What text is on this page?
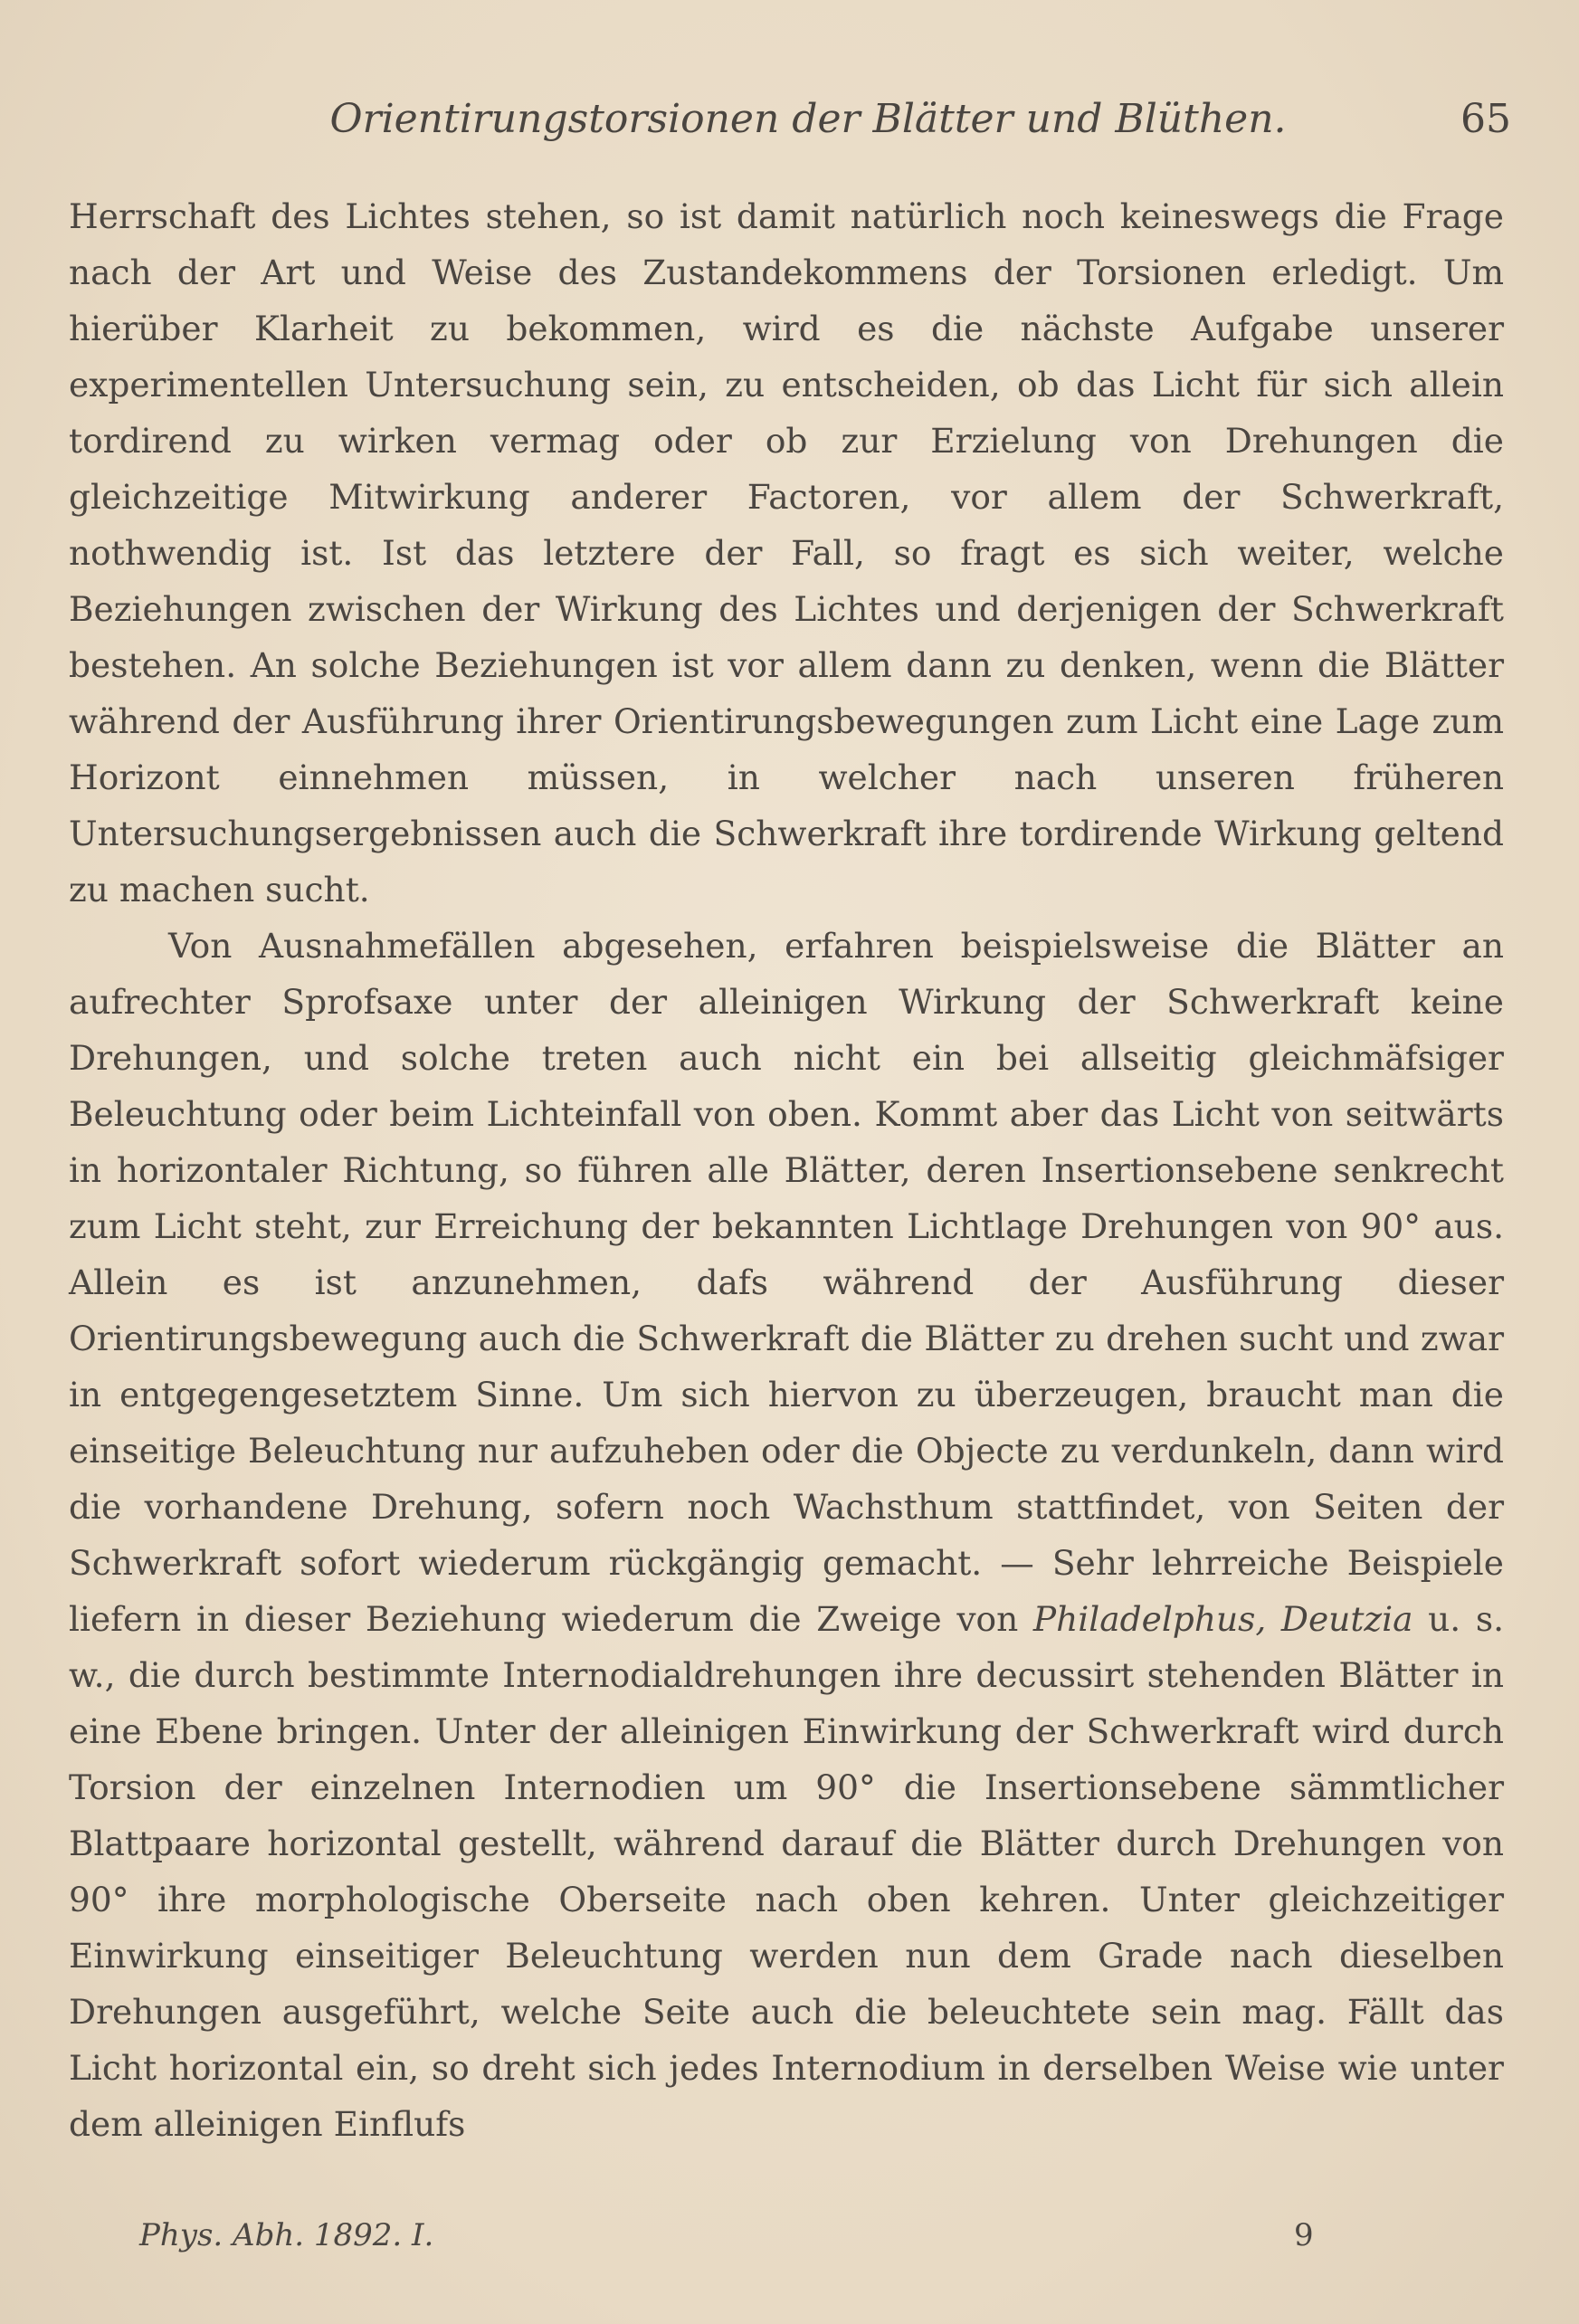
Orientirungstorsionen der Blätter und Blüthen.	65

Herrschaft des Lichtes stehen, so ist damit natürlich noch keineswegs die Frage nach der Art und Weise des Zustandekommens der Torsionen erledigt. Um hierüber Klarheit zu bekommen, wird es die nächste Aufgabe unserer experimentellen Untersuchung sein, zu entscheiden, ob das Licht für sich allein tordirend zu wirken vermag oder ob zur Erzielung von Drehungen die gleichzeitige Mitwirkung anderer Factoren, vor allem der Schwerkraft, nothwendig ist. Ist das letztere der Fall, so fragt es sich weiter, welche Beziehungen zwischen der Wirkung des Lichtes und derjenigen der Schwerkraft bestehen. An solche Beziehungen ist vor allem dann zu denken, wenn die Blätter während der Ausführung ihrer Orientirungsbewegungen zum Licht eine Lage zum Horizont einnehmen müssen, in welcher nach unseren früheren Untersuchungsergebnissen auch die Schwerkraft ihre tordirende Wirkung geltend zu machen sucht.

Von Ausnahmefällen abgesehen, erfahren beispielsweise die Blätter an aufrechter Sprofsaxe unter der alleinigen Wirkung der Schwerkraft keine Drehungen, und solche treten auch nicht ein bei allseitig gleichmäfsiger Beleuchtung oder beim Lichteinfall von oben. Kommt aber das Licht von seitwärts in horizontaler Richtung, so führen alle Blätter, deren Insertionsebene senkrecht zum Licht steht, zur Erreichung der bekannten Lichtlage Drehungen von 90° aus. Allein es ist anzunehmen, dafs während der Ausführung dieser Orientirungsbewegung auch die Schwerkraft die Blätter zu drehen sucht und zwar in entgegengesetztem Sinne. Um sich hiervon zu überzeugen, braucht man die einseitige Beleuchtung nur aufzuheben oder die Objecte zu verdunkeln, dann wird die vorhandene Drehung, sofern noch Wachsthum stattfindet, von Seiten der Schwerkraft sofort wiederum rückgängig gemacht. — Sehr lehrreiche Beispiele liefern in dieser Beziehung wiederum die Zweige von Philadelphus, Deutzia u. s. w., die durch bestimmte Internodialdrehungen ihre decussirt stehenden Blätter in eine Ebene bringen. Unter der alleinigen Einwirkung der Schwerkraft wird durch Torsion der einzelnen Internodien um 90° die Insertionsebene sämmtlicher Blattpaare horizontal gestellt, während darauf die Blätter durch Drehungen von 90° ihre morphologische Oberseite nach oben kehren. Unter gleichzeitiger Einwirkung einseitiger Beleuchtung werden nun dem Grade nach dieselben Drehungen ausgeführt, welche Seite auch die beleuchtete sein mag. Fällt das Licht horizontal ein, so dreht sich jedes Internodium in derselben Weise wie unter dem alleinigen Einflufs

Phys. Abh. 1892. I.	9
